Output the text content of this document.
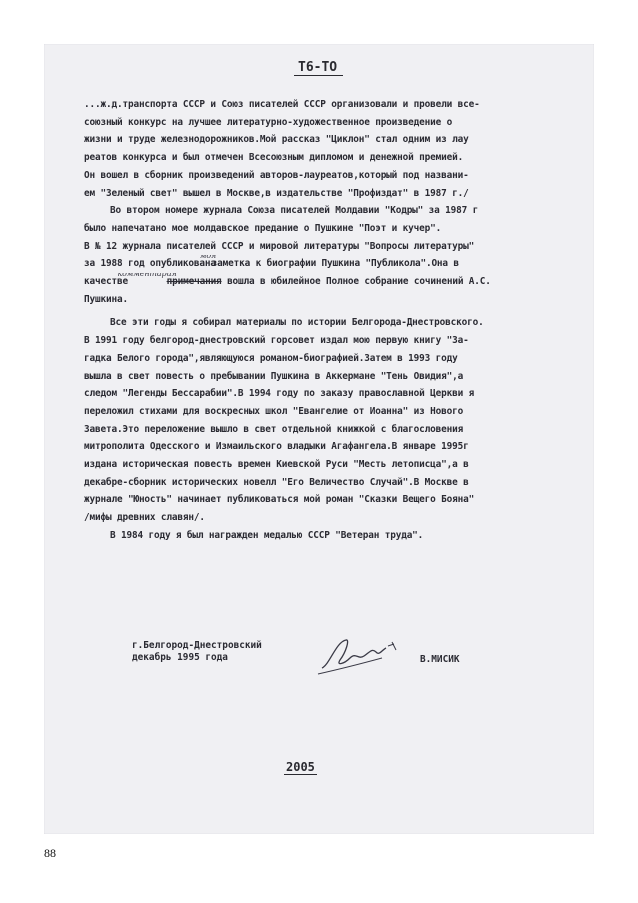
Т6-ТО
...ж.д.транспорта СССР и Союз писателей СССР организовали и провели все-
союзный конкурс на лучшее литературно-художественное произведение о
жизни и труде железнодорожников.Мой рассказ "Циклон" стал одним из лау
реатов конкурса и был отмечен Всесоюзным дипломом и денежной премией.
Он вошел в сборник произведений авторов-лауреатов,который под названи-
ем "Зеленый свет" вышел в Москве,в издательстве "Профиздат" в 1987 г./
Во втором номере журнала Союза писателей Молдавии "Кодры" за 1987 г
было напечатано мое молдавское предание о Пушкине "Поэт и кучер".
В № 12 журнала писателей СССР и мировой литературы "Вопросы литературы"
за 1988 год опубликованамоя заметка к биографии Пушкина "Публикола".Она в
качестве комментарияпримечания вошла в юбилейное Полное собрание сочинений А.С.
Пушкина.
Все эти годы я собирал материалы по истории Белгорода-Днестровского.
В 1991 году белгород-днестровский горсовет издал мою первую книгу "За-
гадка Белого города",являющуюся романом-биографией.Затем в 1993 году
вышла в свет повесть о пребывании Пушкина в Аккермане "Тень Овидия",а
следом "Легенды Бессарабии".В 1994 году по заказу православной Церкви я
переложил стихами для воскресных школ "Евангелие от Иоанна" из Нового
Завета.Это переложение вышло в свет отдельной книжкой с благословения
митрополита Одесского и Измаильского владыки Агафангела.В январе 1995г
издана историческая повесть времен Киевской Руси "Месть летописца",а в
декабре-сборник исторических новелл "Его Величество Случай".В Москве в
журнале "Юность" начинает публиковаться мой роман "Сказки Вещего Бояна"
/мифы древних славян/.
В 1984 году я был награжден медалью СССР "Ветеран труда".
г.Белгород-Днестровский
декабрь 1995 года	В.МИСИК
2005
88
